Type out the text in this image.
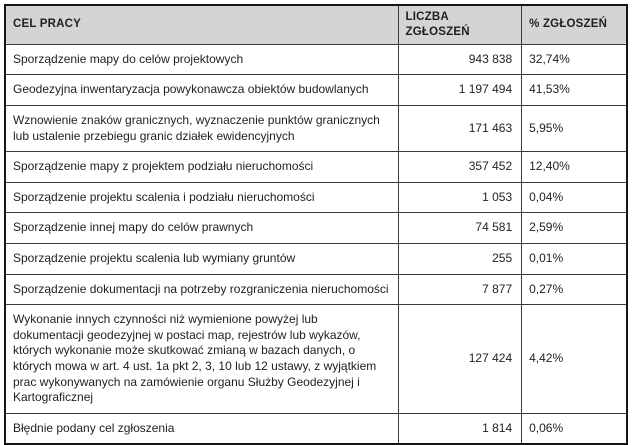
CEL PRACY	LICZBA ZGŁOSZEŃ	% ZGŁOSZEŃ
Sporządzenie mapy do celów projektowych	943 838	32,74%
Geodezyjna inwentaryzacja powykonawcza obiektów budowlanych	1 197 494	41,53%
Wznowienie znaków granicznych, wyznaczenie punktów granicznych lub ustalenie przebiegu granic działek ewidencyjnych	171 463	5,95%
Sporządzenie mapy z projektem podziału nieruchomości	357 452	12,40%
Sporządzenie projektu scalenia i podziału nieruchomości	1 053	0,04%
Sporządzenie innej mapy do celów prawnych	74 581	2,59%
Sporządzenie projektu scalenia lub wymiany gruntów	255	0,01%
Sporządzenie dokumentacji na potrzeby rozgraniczenia nieruchomości	7 877	0,27%
Wykonanie innych czynności niż wymienione powyżej lub dokumentacji geodezyjnej w postaci map, rejestrów lub wykazów, których wykonanie może skutkować zmianą w bazach danych, o których mowa w art. 4 ust. 1a pkt 2, 3, 10 lub 12 ustawy, z wyjątkiem prac wykonywanych na zamówienie organu Służby Geodezyjnej i Kartograficznej	127 424	4,42%
Błędnie podany cel zgłoszenia	1 814	0,06%
